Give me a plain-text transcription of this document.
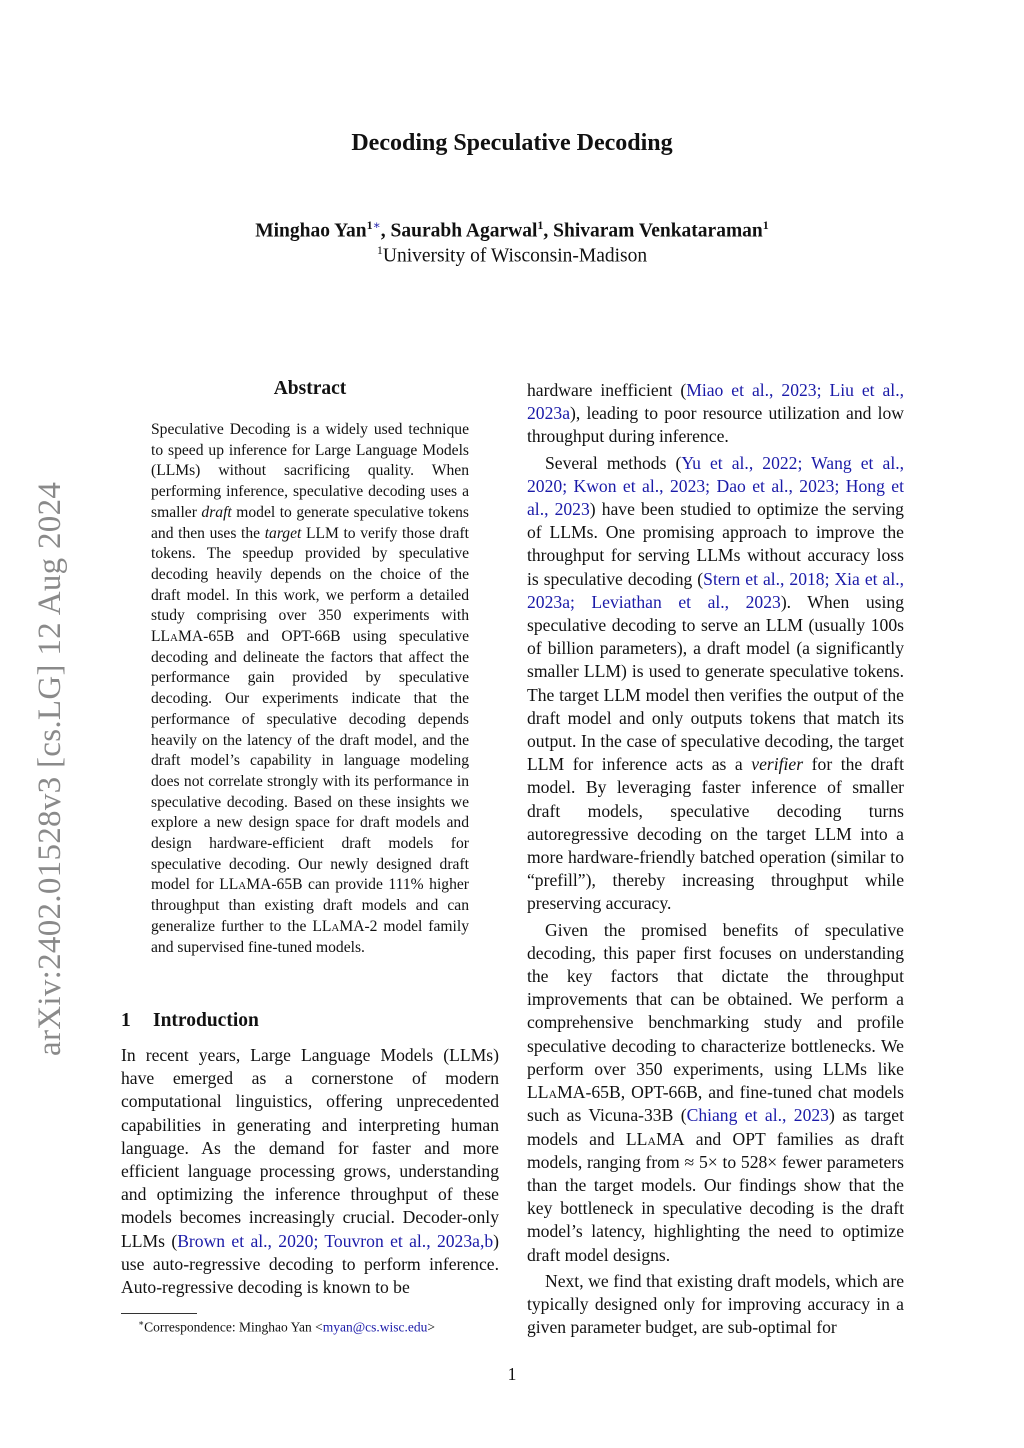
arXiv:2402.01528v3 [cs.LG] 12 Aug 2024
Decoding Speculative Decoding
Minghao Yan$^{1∗}$, Saurabh Agarwal$^1$, Shivaram Venkataraman$^1$
$^1$University of Wisconsin-Madison
Abstract
Speculative Decoding is a widely used technique to speed up inference for Large Language Models (LLMs) without sacrificing quality. When performing inference, speculative decoding uses a smaller draft model to generate speculative tokens and then uses the target LLM to verify those draft tokens. The speedup provided by speculative decoding heavily depends on the choice of the draft model. In this work, we perform a detailed study comprising over 350 experiments with LLaMA-65B and OPT-66B using speculative decoding and delineate the factors that affect the performance gain provided by speculative decoding. Our experiments indicate that the performance of speculative decoding depends heavily on the latency of the draft model, and the draft model’s capability in language modeling does not correlate strongly with its performance in speculative decoding. Based on these insights we explore a new design space for draft models and design hardware-efficient draft models for speculative decoding. Our newly designed draft model for LLaMA-65B can provide 111% higher throughput than existing draft models and can generalize further to the LLaMA-2 model family and supervised fine-tuned models.
1 Introduction
In recent years, Large Language Models (LLMs) have emerged as a cornerstone of modern computational linguistics, offering unprecedented capabilities in generating and interpreting human language. As the demand for faster and more efficient language processing grows, understanding and optimizing the inference throughput of these models becomes increasingly crucial. Decoder-only LLMs (Brown et al., 2020; Touvron et al., 2023a,b) use auto-regressive decoding to perform inference. Auto-regressive decoding is known to be
∗Correspondence: Minghao Yan <myan@cs.wisc.edu>

hardware inefficient (Miao et al., 2023; Liu et al., 2023a), leading to poor resource utilization and low throughput during inference.

Several methods (Yu et al., 2022; Wang et al., 2020; Kwon et al., 2023; Dao et al., 2023; Hong et al., 2023) have been studied to optimize the serving of LLMs. One promising approach to improve the throughput for serving LLMs without accuracy loss is speculative decoding (Stern et al., 2018; Xia et al., 2023a; Leviathan et al., 2023). When using speculative decoding to serve an LLM (usually 100s of billion parameters), a draft model (a significantly smaller LLM) is used to generate speculative tokens. The target LLM model then verifies the output of the draft model and only outputs tokens that match its output. In the case of speculative decoding, the target LLM for inference acts as a verifier for the draft model. By leveraging faster inference of smaller draft models, speculative decoding turns autoregressive decoding on the target LLM into a more hardware-friendly batched operation (similar to “prefill”), thereby increasing throughput while preserving accuracy.

Given the promised benefits of speculative decoding, this paper first focuses on understanding the key factors that dictate the throughput improvements that can be obtained. We perform a comprehensive benchmarking study and profile speculative decoding to characterize bottlenecks. We perform over 350 experiments, using LLMs like LLaMA-65B, OPT-66B, and fine-tuned chat models such as Vicuna-33B (Chiang et al., 2023) as target models and LLaMA and OPT families as draft models, ranging from ≈ 5× to 528× fewer parameters than the target models. Our findings show that the key bottleneck in speculative decoding is the draft model’s latency, highlighting the need to optimize draft model designs.

Next, we find that existing draft models, which are typically designed only for improving accuracy in a given parameter budget, are sub-optimal for

1
